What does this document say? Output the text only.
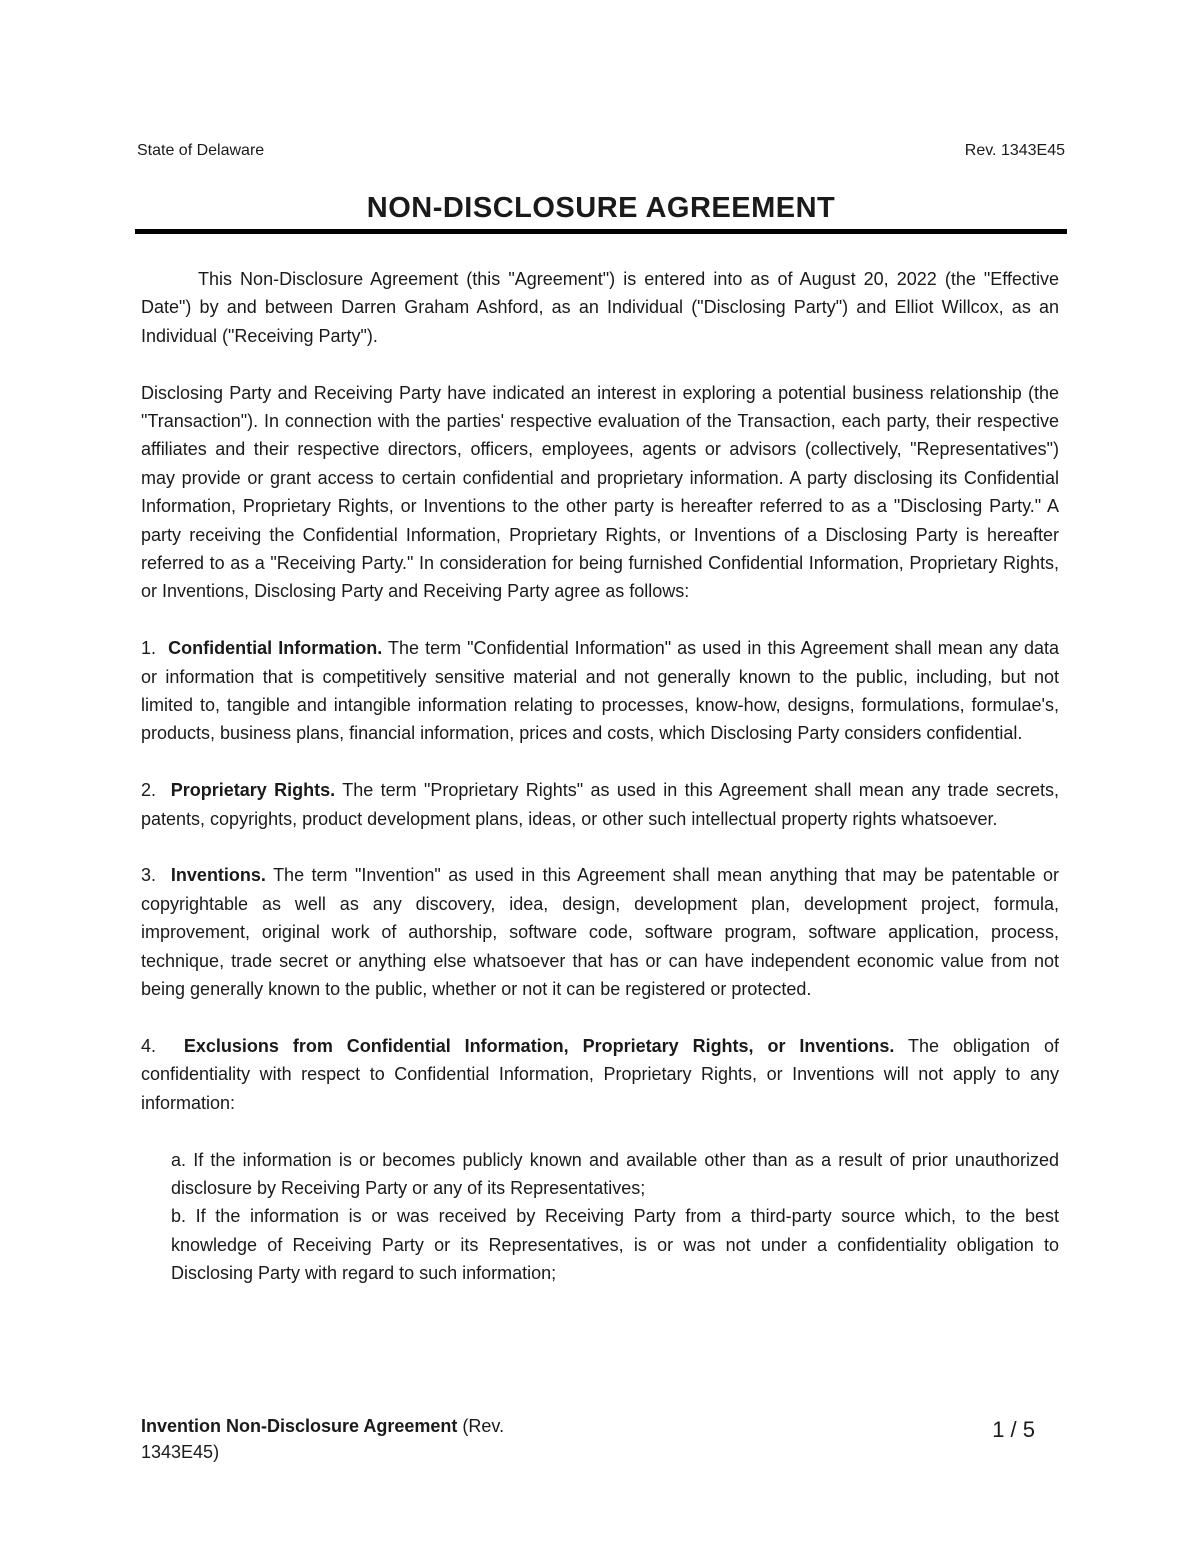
State of Delaware	Rev. 1343E45
NON-DISCLOSURE AGREEMENT

This Non-Disclosure Agreement (this "Agreement") is entered into as of August 20, 2022 (the "Effective Date") by and between Darren Graham Ashford, as an Individual ("Disclosing Party") and Elliot Willcox, as an Individual ("Receiving Party").

Disclosing Party and Receiving Party have indicated an interest in exploring a potential business relationship (the "Transaction"). In connection with the parties' respective evaluation of the Transaction, each party, their respective affiliates and their respective directors, officers, employees, agents or advisors (collectively, "Representatives") may provide or grant access to certain confidential and proprietary information. A party disclosing its Confidential Information, Proprietary Rights, or Inventions to the other party is hereafter referred to as a "Disclosing Party." A party receiving the Confidential Information, Proprietary Rights, or Inventions of a Disclosing Party is hereafter referred to as a "Receiving Party." In consideration for being furnished Confidential Information, Proprietary Rights, or Inventions, Disclosing Party and Receiving Party agree as follows:

1. Confidential Information. The term "Confidential Information" as used in this Agreement shall mean any data or information that is competitively sensitive material and not generally known to the public, including, but not limited to, tangible and intangible information relating to processes, know-how, designs, formulations, formulae's, products, business plans, financial information, prices and costs, which Disclosing Party considers confidential.

2. Proprietary Rights. The term "Proprietary Rights" as used in this Agreement shall mean any trade secrets, patents, copyrights, product development plans, ideas, or other such intellectual property rights whatsoever.

3. Inventions. The term "Invention" as used in this Agreement shall mean anything that may be patentable or copyrightable as well as any discovery, idea, design, development plan, development project, formula, improvement, original work of authorship, software code, software program, software application, process, technique, trade secret or anything else whatsoever that has or can have independent economic value from not being generally known to the public, whether or not it can be registered or protected.

4. Exclusions from Confidential Information, Proprietary Rights, or Inventions. The obligation of confidentiality with respect to Confidential Information, Proprietary Rights, or Inventions will not apply to any information:

a. If the information is or becomes publicly known and available other than as a result of prior unauthorized disclosure by Receiving Party or any of its Representatives;

b. If the information is or was received by Receiving Party from a third-party source which, to the best knowledge of Receiving Party or its Representatives, is or was not under a confidentiality obligation to Disclosing Party with regard to such information;

Invention Non-Disclosure Agreement (Rev. 1343E45)
1 / 5
